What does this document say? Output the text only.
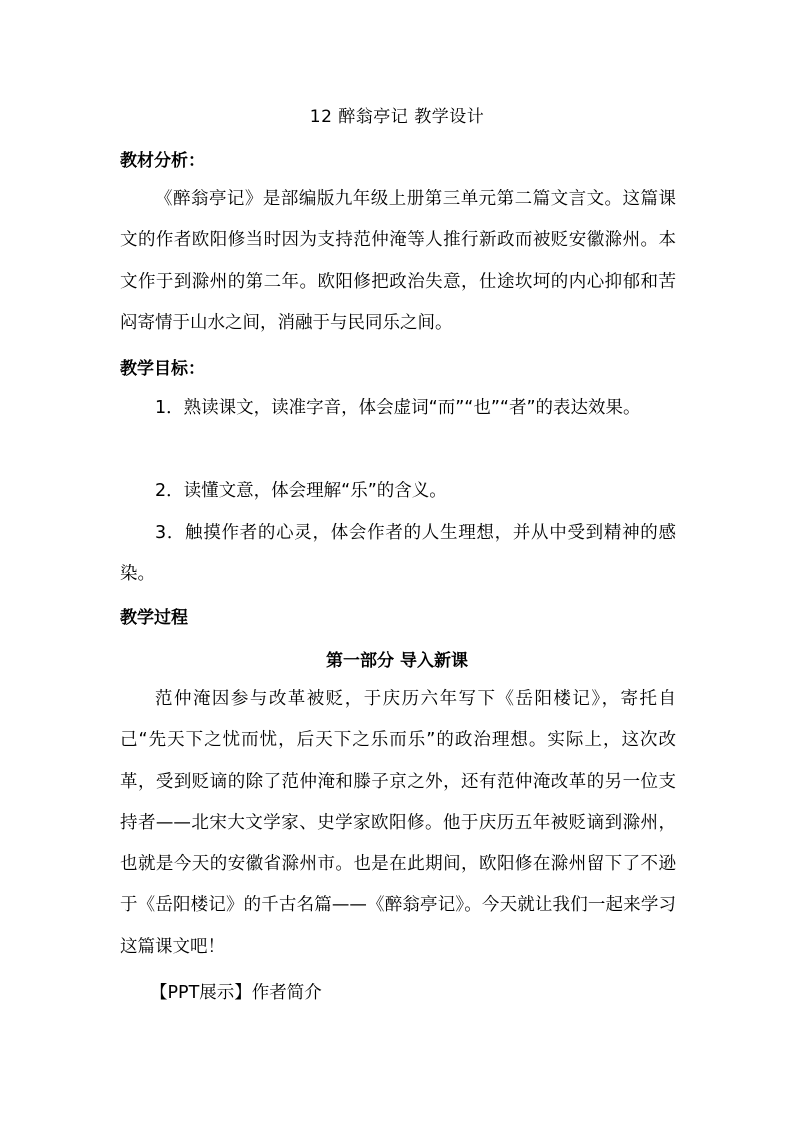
12 醉翁亭记 教学设计
教材分析：

《醉翁亭记》是部编版九年级上册第三单元第二篇文言文。这篇课文的作者欧阳修当时因为支持范仲淹等人推行新政而被贬安徽滁州。本文作于到滁州的第二年。欧阳修把政治失意，仕途坎坷的内心抑郁和苦闷寄情于山水之间，消融于与民同乐之间。

教学目标：

1．熟读课文，读准字音，体会虚词“而”“也”“者”的表达效果。

2．读懂文意，体会理解“乐”的含义。

3．触摸作者的心灵，体会作者的人生理想，并从中受到精神的感染。

教学过程
第一部分 导入新课

范仲淹因参与改革被贬，于庆历六年写下《岳阳楼记》，寄托自己“先天下之忧而忧，后天下之乐而乐”的政治理想。实际上，这次改革，受到贬谪的除了范仲淹和滕子京之外，还有范仲淹改革的另一位支持者——北宋大文学家、史学家欧阳修。他于庆历五年被贬谪到滁州，也就是今天的安徽省滁州市。也是在此期间，欧阳修在滁州留下了不逊于《岳阳楼记》的千古名篇——《醉翁亭记》。今天就让我们一起来学习这篇课文吧！

【PPT展示】作者简介
